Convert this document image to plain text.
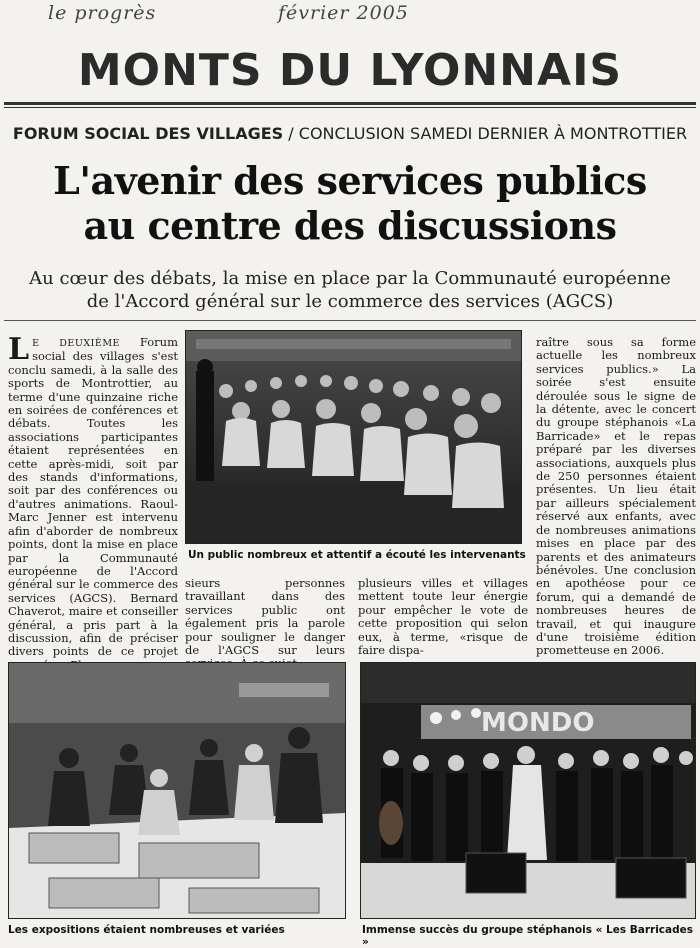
le progrès	février 2005
MONTS DU LYONNAIS
FORUM SOCIAL DES VILLAGES / CONCLUSION SAMEDI DERNIER À MONTROTTIER
L'avenir des services publics
au centre des discussions
Au cœur des débats, la mise en place par la Communauté européenne
de l'Accord général sur le commerce des services (AGCS)
Un public nombreux et attentif a écouté les intervenants
L E DEUXIÈME Forum social des villages s'est conclu samedi, à la salle des sports de Montrottier, au terme d'une quinzaine riche en soirées de conférences et débats. Toutes les associations participantes étaient représentées en cette après-midi, soit par des stands d'informations, soit par des conférences ou d'autres animations. Raoul-Marc Jenner est intervenu afin d'aborder de nombreux points, dont la mise en place par la Communauté européenne de l'Accord général sur le commerce des services (AGCS). Bernard Chaverot, maire et conseiller général, a pris part à la discussion, afin de préciser divers points de ce projet
sieurs personnes travaillant dans des services public ont également pris la parole pour souligner le danger de l'AGCS sur leurs
plusieurs villes et villages mettent toute leur énergie pour empêcher le vote de cette proposition qui selon eux, à terme, «risque de faire dispa-
raître sous sa forme actuelle les nombreux services publics.» La soirée s'est ensuite déroulée sous le signe de la détente, avec le concert du groupe stéphanois «La Barricade» et le repas préparé par les diverses associations, auxquels plus de 250 personnes étaient présentes. Un lieu était par ailleurs spécialement réservé aux enfants, avec de nombreuses animations mises en place par des parents et des animateurs bénévoles. Une conclusion en apothéose pour ce forum, qui a demandé de nombreuses heures de travail, et qui inaugure d'une troisième édition prometteuse en 2006.
Les expositions étaient nombreuses et variées
MONDO
Immense succès du groupe stéphanois « Les Barricades »
